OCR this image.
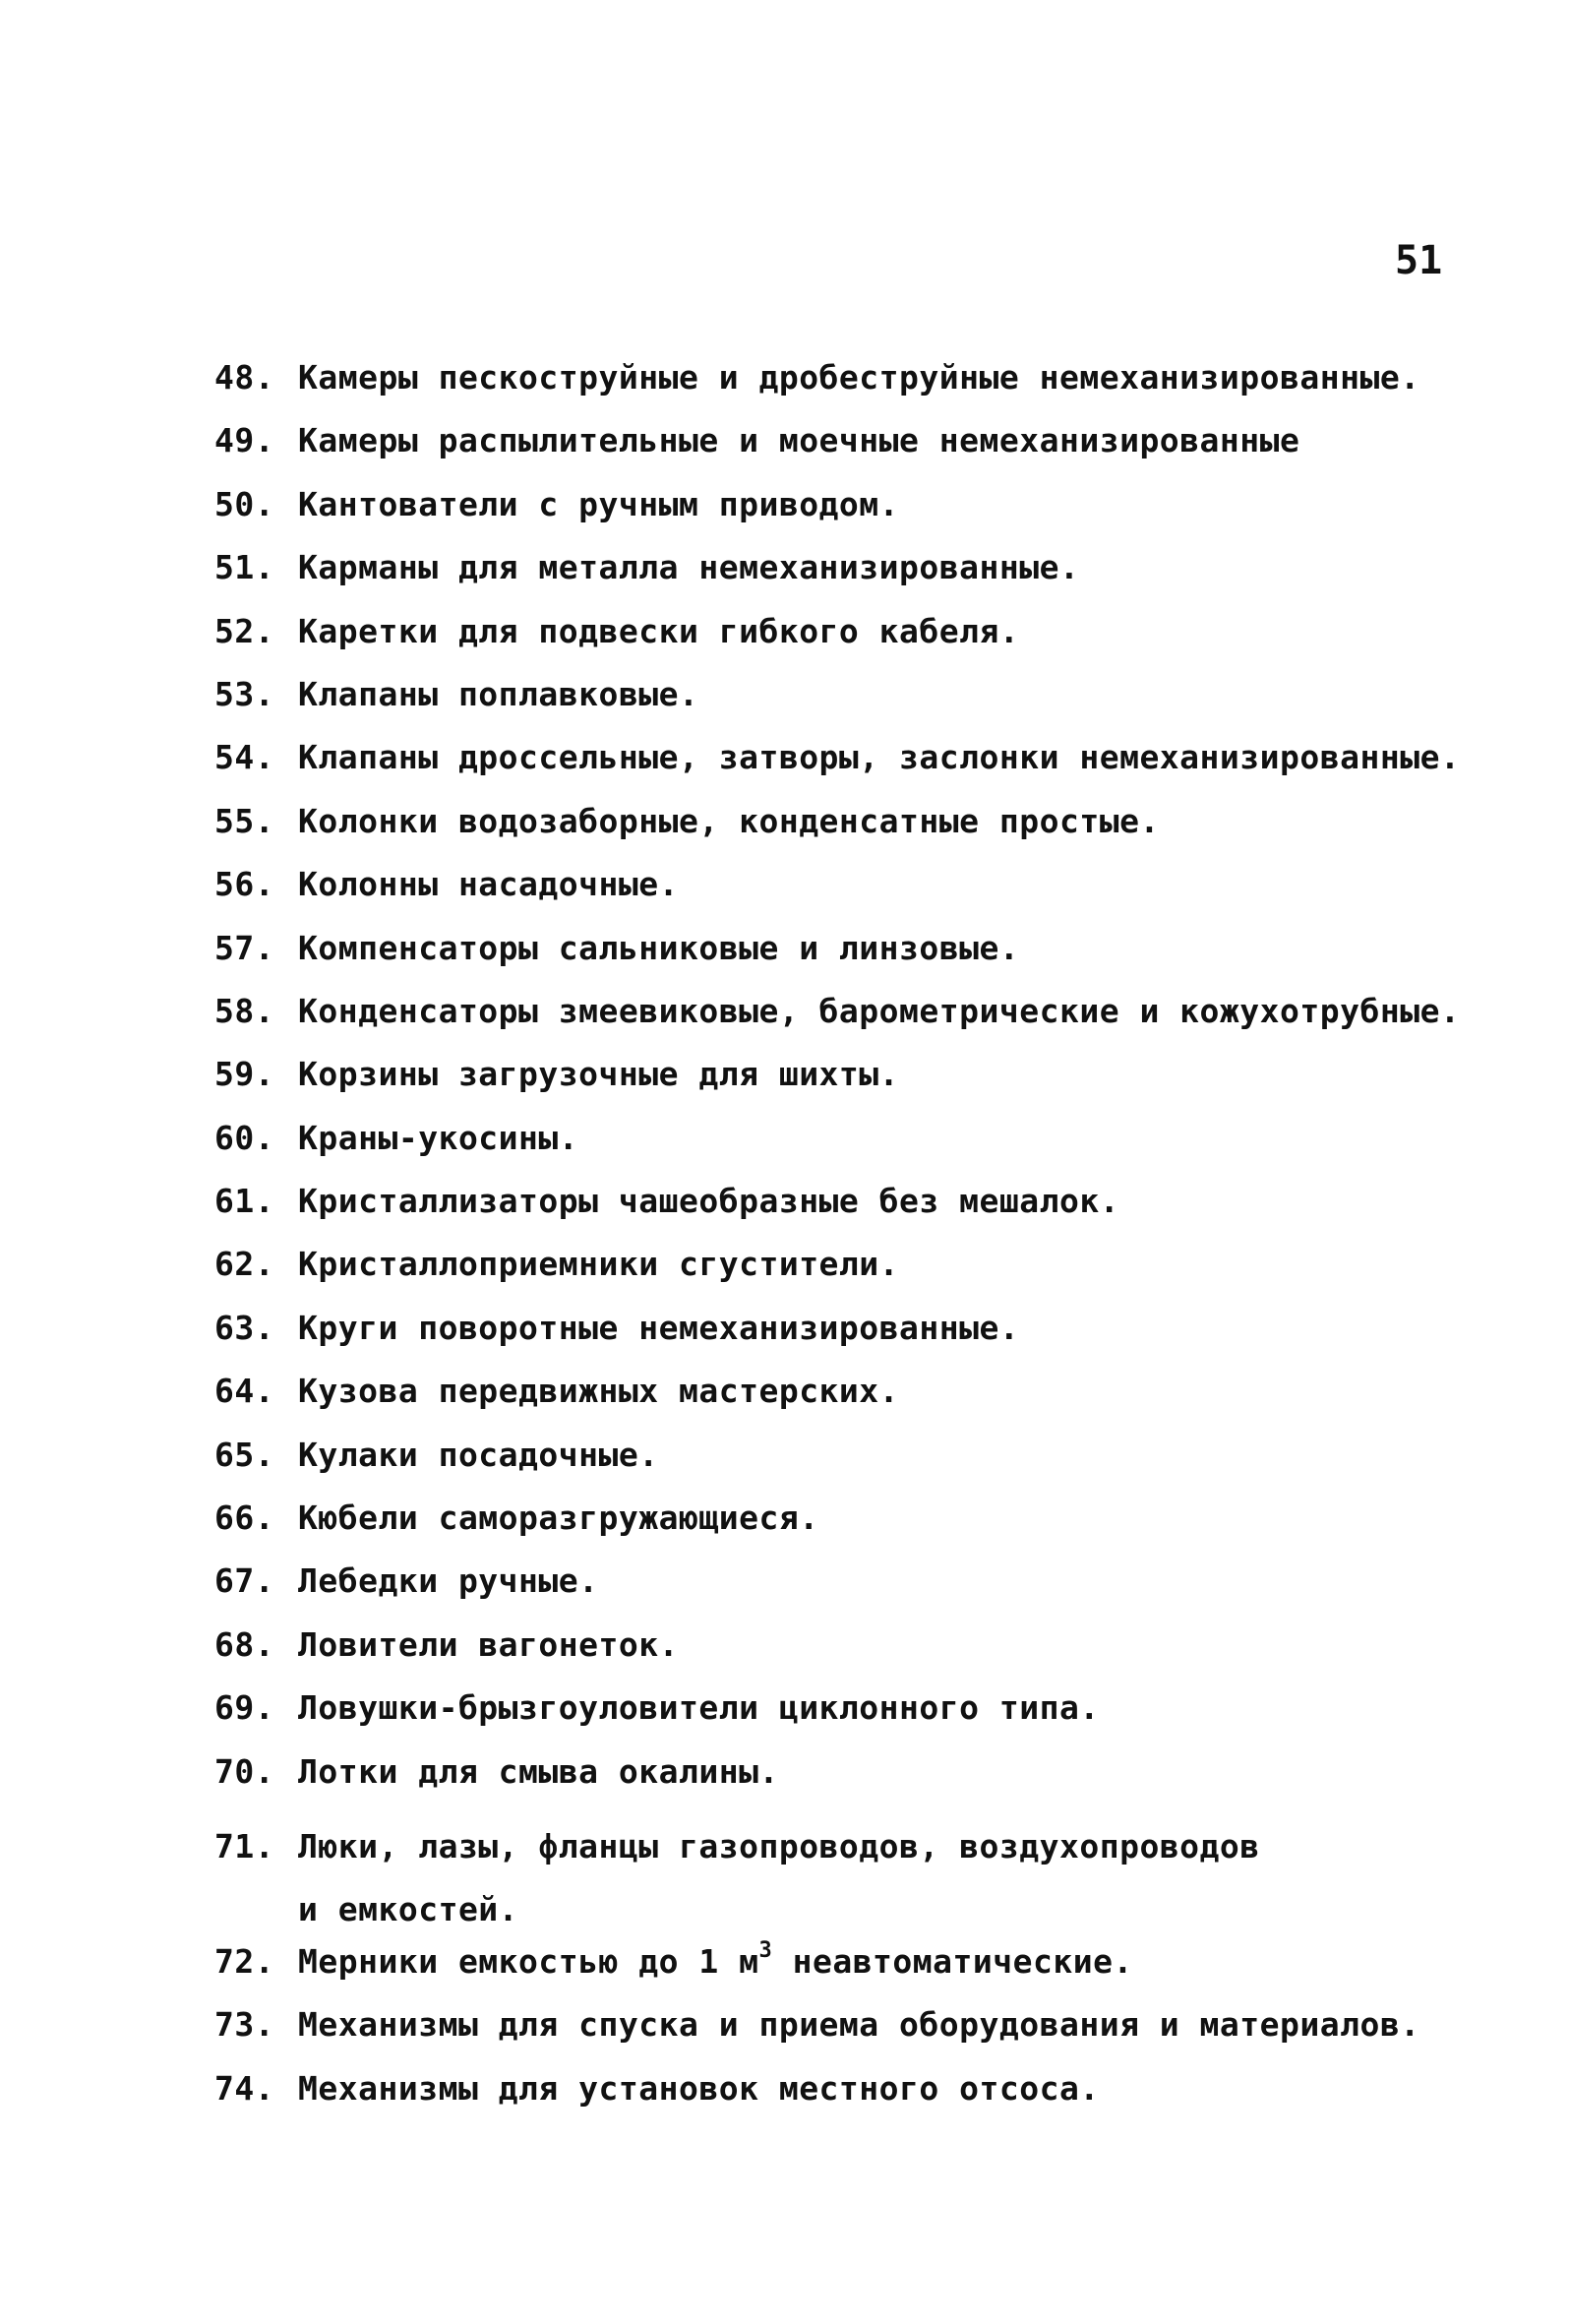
51
48. Камеры пескоструйные и дробеструйные немеханизированные.
49. Камеры распылительные и моечные немеханизированные
50. Кантователи с ручным приводом.
51. Карманы для металла немеханизированные.
52. Каретки для подвески гибкого кабеля.
53. Клапаны поплавковые.
54. Клапаны дроссельные, затворы, заслонки немеханизированные.
55. Колонки водозаборные, конденсатные простые.
56. Колонны насадочные.
57. Компенсаторы сальниковые и линзовые.
58. Конденсаторы змеевиковые, барометрические и кожухотрубные.
59. Корзины загрузочные для шихты.
60. Краны-укосины.
61. Кристаллизаторы чашеобразные без мешалок.
62. Кристаллоприемники сгустители.
63. Круги поворотные немеханизированные.
64. Кузова передвижных мастерских.
65. Кулаки посадочные.
66. Кюбели саморазгружающиеся.
67. Лебедки ручные.
68. Ловители вагонеток.
69. Ловушки-брызгоуловители циклонного типа.
70. Лотки для смыва окалины.
71. Люки, лазы, фланцы газопроводов, воздухопроводов и емкостей.
72. Мерники емкостью до 1 $м^3$ неавтоматические.
73. Механизмы для спуска и приема оборудования и материалов.
74. Механизмы для установок местного отсоса.
